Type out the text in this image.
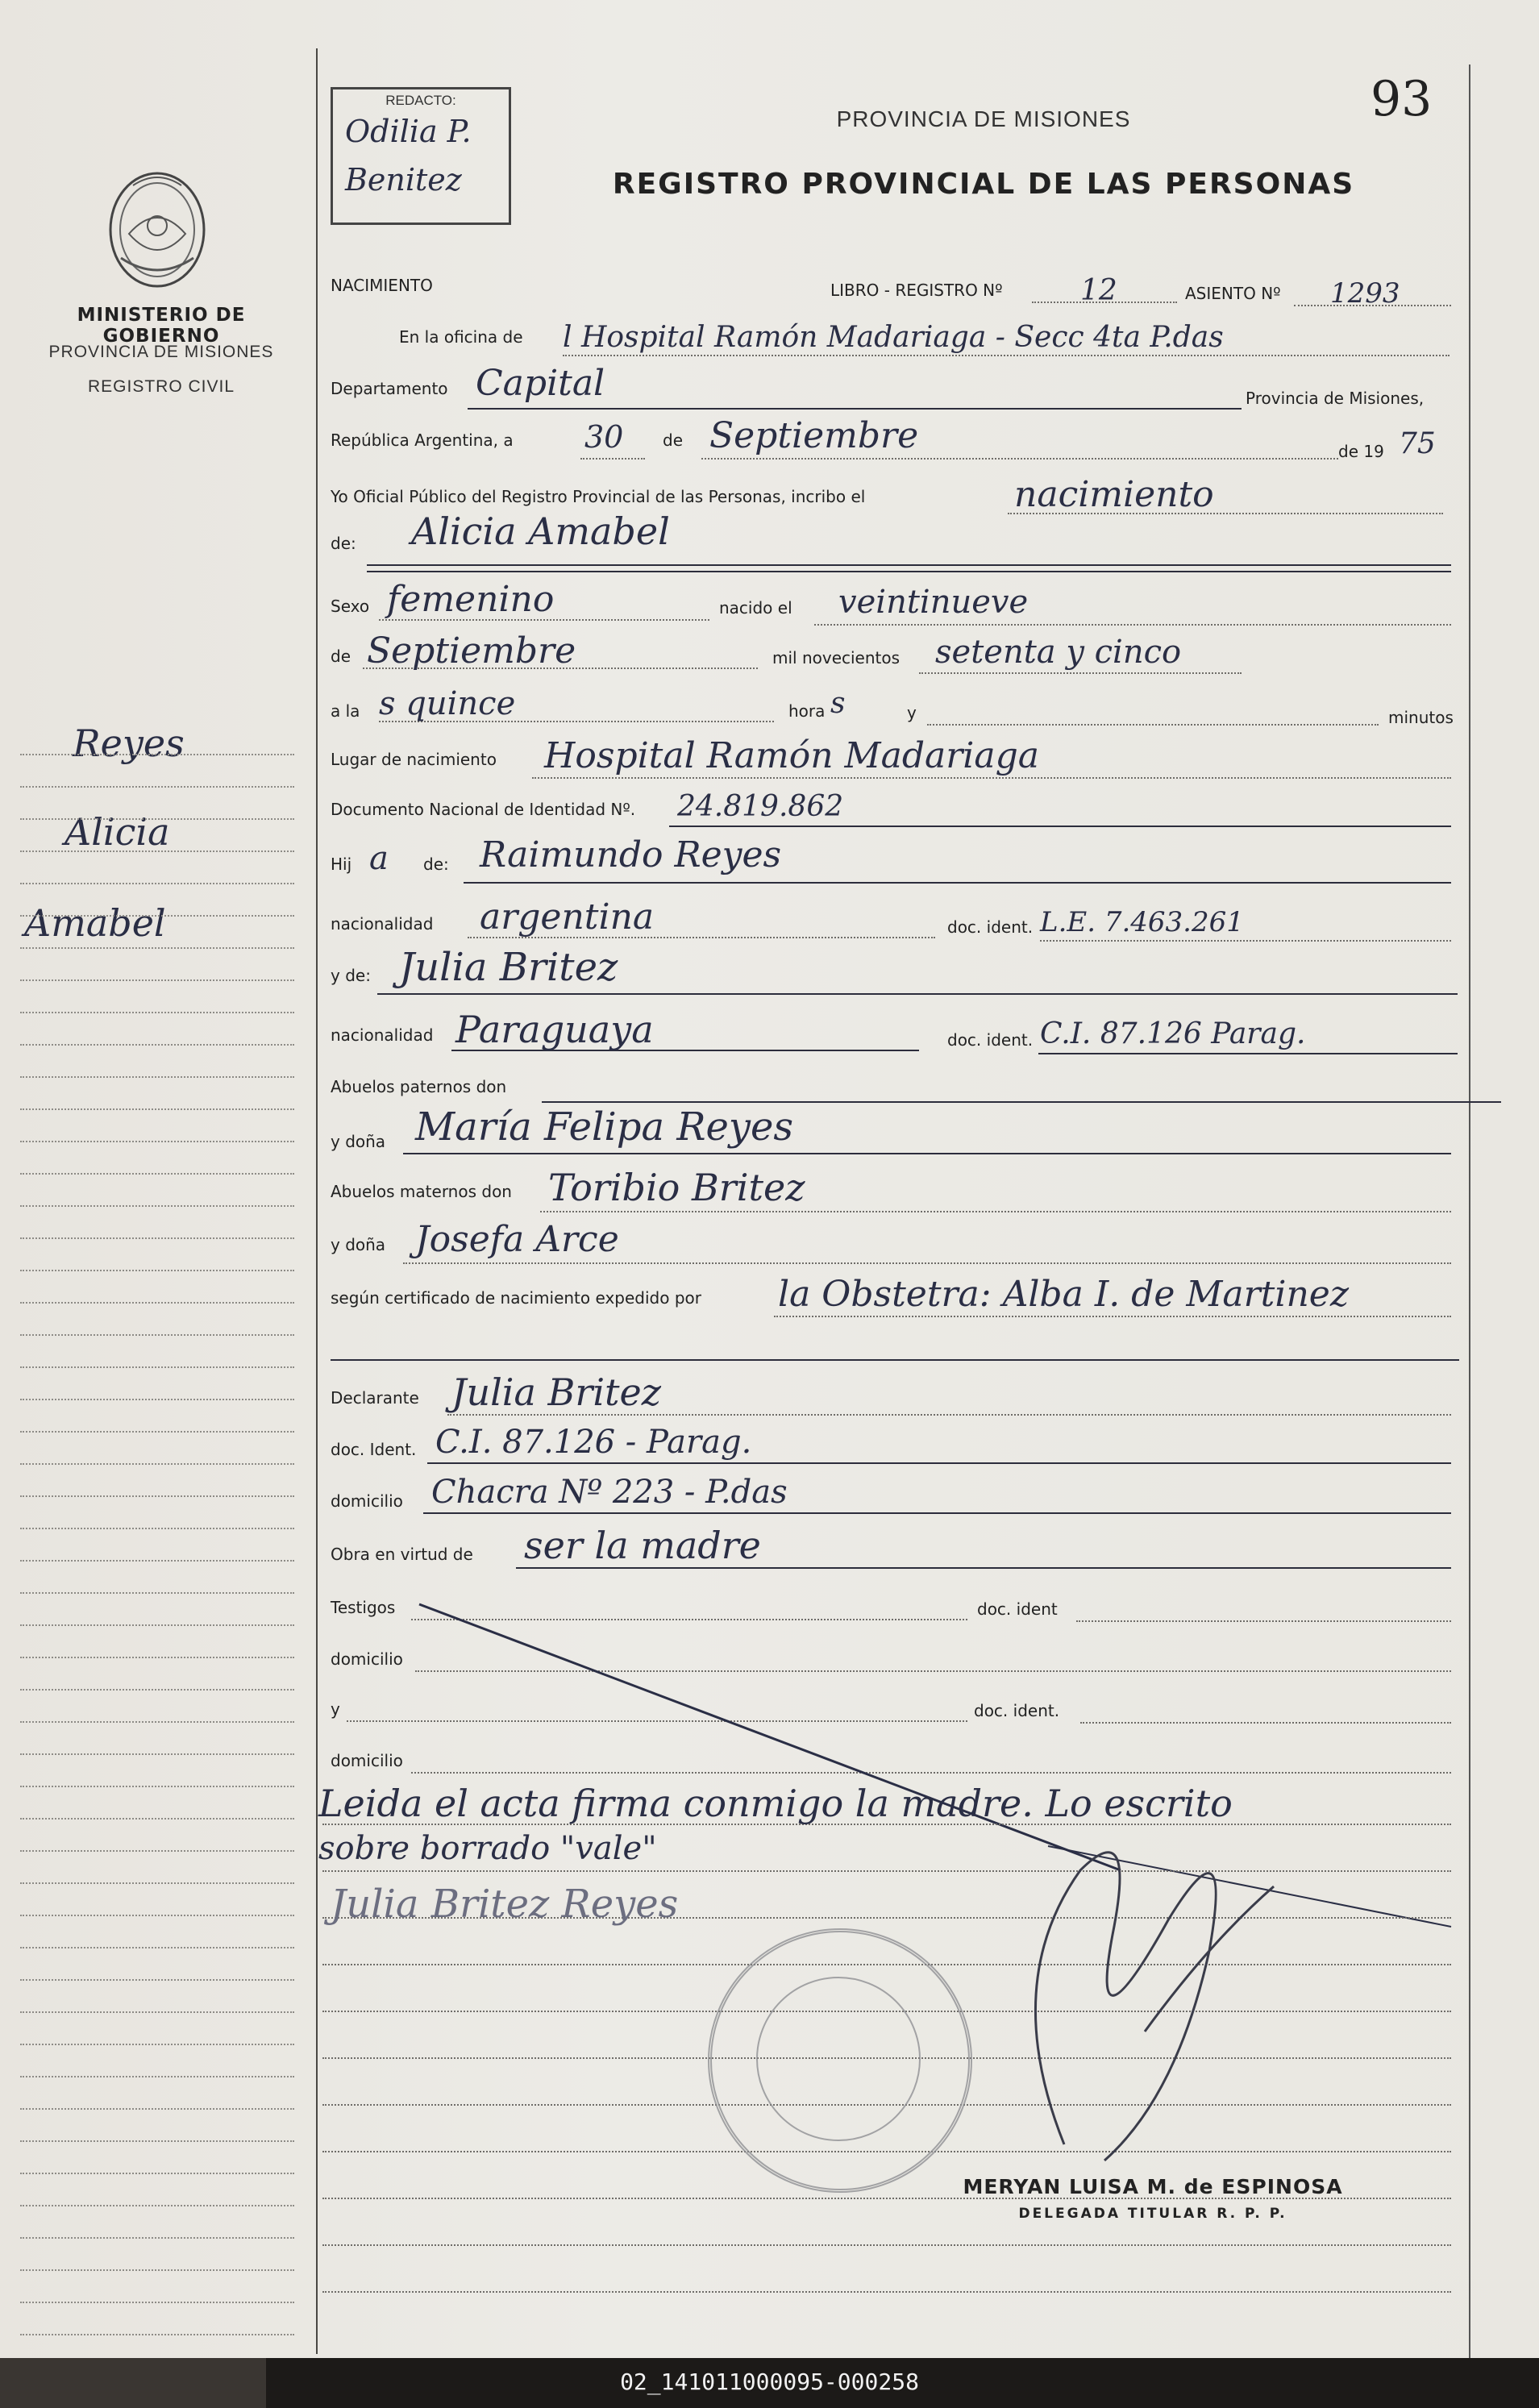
93
MINISTERIO DE GOBIERNO
PROVINCIA DE MISIONES
REGISTRO CIVIL
Reyes
Alicia
Amabel
REDACTO:
Odilia P.
Benitez
PROVINCIA DE MISIONES
REGISTRO PROVINCIAL DE LAS PERSONAS
NACIMIENTO	LIBRO - REGISTRO Nº	12	ASIENTO Nº 1293
En la oficina de l Hospital Ramón Madariaga - Secc 4ta P.das
Departamento Capital	Provincia de Misiones,
República Argentina, a 30 de Septiembre	de 19 75
Yo Oficial Público del Registro Provincial de las Personas, incribo el	nacimiento
de: Alicia Amabel
Sexo femenino	nacido el veintinueve
de Septiembre	mil novecientos setenta y cinco
a la s quince	hora s	y	minutos
Lugar de nacimiento Hospital Ramón Madariaga
Documento Nacional de Identidad Nº. 24.819.862
Hij a de: Raimundo Reyes
nacionalidad argentina	doc. ident. L.E. 7.463.261
y de: Julia Britez
nacionalidad Paraguaya	doc. ident. C.I. 87.126 Parag.
Abuelos paternos don
y doña María Felipa Reyes
Abuelos maternos don Toribio Britez
y doña Josefa Arce
según certificado de nacimiento expedido por la Obstetra: Alba I. de Martinez
Declarante Julia Britez
doc. Ident. C.I. 87.126 - Parag.
domicilio Chacra Nº 223 - P.das
Obra en virtud de ser la madre
Testigos	doc. ident
domicilio
y	doc. ident.
domicilio
Leida el acta firma conmigo la madre. Lo escrito
sobre borrado "vale"
Julia Britez Reyes
MERYAN LUISA M. de ESPINOSA
DELEGADA TITULAR R. P. P.
02_141011000095-000258
